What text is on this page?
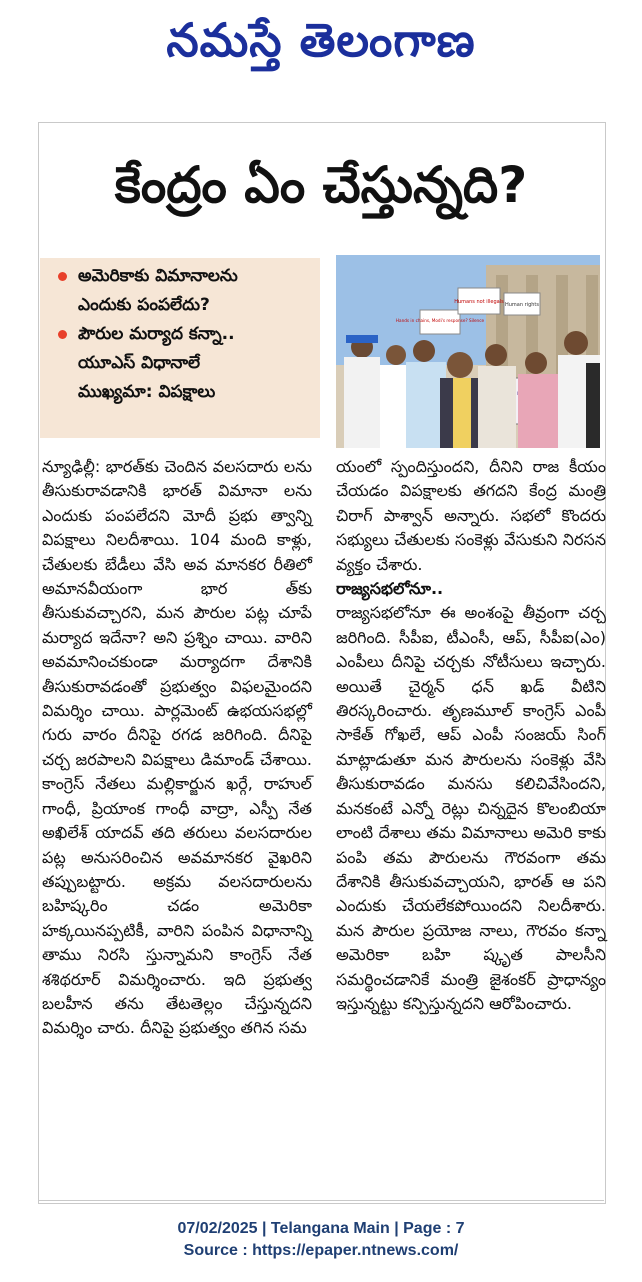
నమస్తే తెలంగాణ
కేంద్రం ఏం చేస్తున్నది?
అమెరికాకు విమానాలను
ఎందుకు పంపలేదు?
పౌరుల మర్యాద కన్నా..
యూఎస్ విధానాలే
ముఖ్యమా: విపక్షాలు
Hands in chains, Modi's response? Silence
Humans not illegals Human rights

న్యూఢిల్లీ: భారత్‌కు చెందిన వలసదారు లను తీసుకురావడానికి భారత్ విమానా లను ఎందుకు పంపలేదని మోదీ ప్రభు త్వాన్ని విపక్షాలు నిలదీశాయి. 104 మంది కాళ్లు, చేతులకు బేడీలు వేసి అవ మానకర రీతిలో అమానవీయంగా భార త్‌కు తీసుకువచ్చారని, మన పౌరుల పట్ల చూపే మర్యాద ఇదేనా? అని ప్రశ్నిం చాయి. వారిని అవమానించకుండా మర్యాదగా దేశానికి తీసుకురావడంతో ప్రభుత్వం విఫలమైందని విమర్శిం చాయి. పార్లమెంట్ ఉభయసభల్లో గురు వారం దీనిపై రగడ జరిగింది. దీనిపై చర్చ జరపాలని విపక్షాలు డిమాండ్ చేశాయి. కాంగ్రెస్ నేతలు మల్లికార్జున ఖర్గే, రాహుల్ గాంధీ, ప్రియాంక గాంధీ వాద్రా, ఎస్పీ నేత అఖిలేశ్ యాదవ్ తది తరులు వలసదారుల పట్ల అనుసరించిన అవమానకర వైఖరిని తప్పుబట్టారు. అక్రమ వలసదారులను బహిష్కరిం చడం అమెరికా హక్కయినప్పటికీ, వారిని పంపిన విధానాన్ని తాము నిరసి స్తున్నామని కాంగ్రెస్ నేత శశిథరూర్ విమర్శించారు. ఇది ప్రభుత్వ బలహీన తను తేటతెల్లం చేస్తున్నదని విమర్శిం చారు. దీనిపై ప్రభుత్వం తగిన సమ

యంలో స్పందిస్తుందని, దీనిని రాజ కీయం చేయడం విపక్షాలకు తగదని కేంద్ర మంత్రి చిరాగ్ పాశ్వాన్ అన్నారు. సభలో కొందరు సభ్యులు చేతులకు సంకెళ్లు వేసుకుని నిరసన వ్యక్తం చేశారు.

రాజ్యసభలోనూ..

రాజ్యసభలోనూ ఈ అంశంపై తీవ్రంగా చర్చ జరిగింది. సీపీఐ, టీఎంసీ, ఆప్, సీపీఐ(ఎం) ఎంపీలు దీనిపై చర్చకు నోటీసులు ఇచ్చారు. అయితే చైర్మన్ ధన్ ఖడ్ వీటిని తిరస్కరించారు. తృణమూల్ కాంగ్రెస్ ఎంపీ సాకేత్ గోఖలే, ఆప్ ఎంపీ సంజయ్ సింగ్ మాట్లాడుతూ మన పౌరులను సంకెళ్లు వేసి తీసుకురావడం మనసు కలిచివేసిందని, మనకంటే ఎన్నో రెట్లు చిన్నదైన కొలంబియా లాంటి దేశాలు తమ విమానాలు అమెరి కాకు పంపి తమ పౌరులను గౌరవంగా తమ దేశానికి తీసుకువచ్చాయని, భారత్ ఆ పని ఎందుకు చేయలేకపోయిందని నిలదీశారు. మన పౌరుల ప్రయోజ నాలు, గౌరవం కన్నా అమెరికా బహి ష్కృత పాలసీని సమర్థించడానికే మంత్రి జైశంకర్ ప్రాధాన్యం ఇస్తున్నట్టు కన్పిస్తున్నదని ఆరోపించారు.

07/02/2025 | Telangana Main | Page : 7
Source : https://epaper.ntnews.com/
